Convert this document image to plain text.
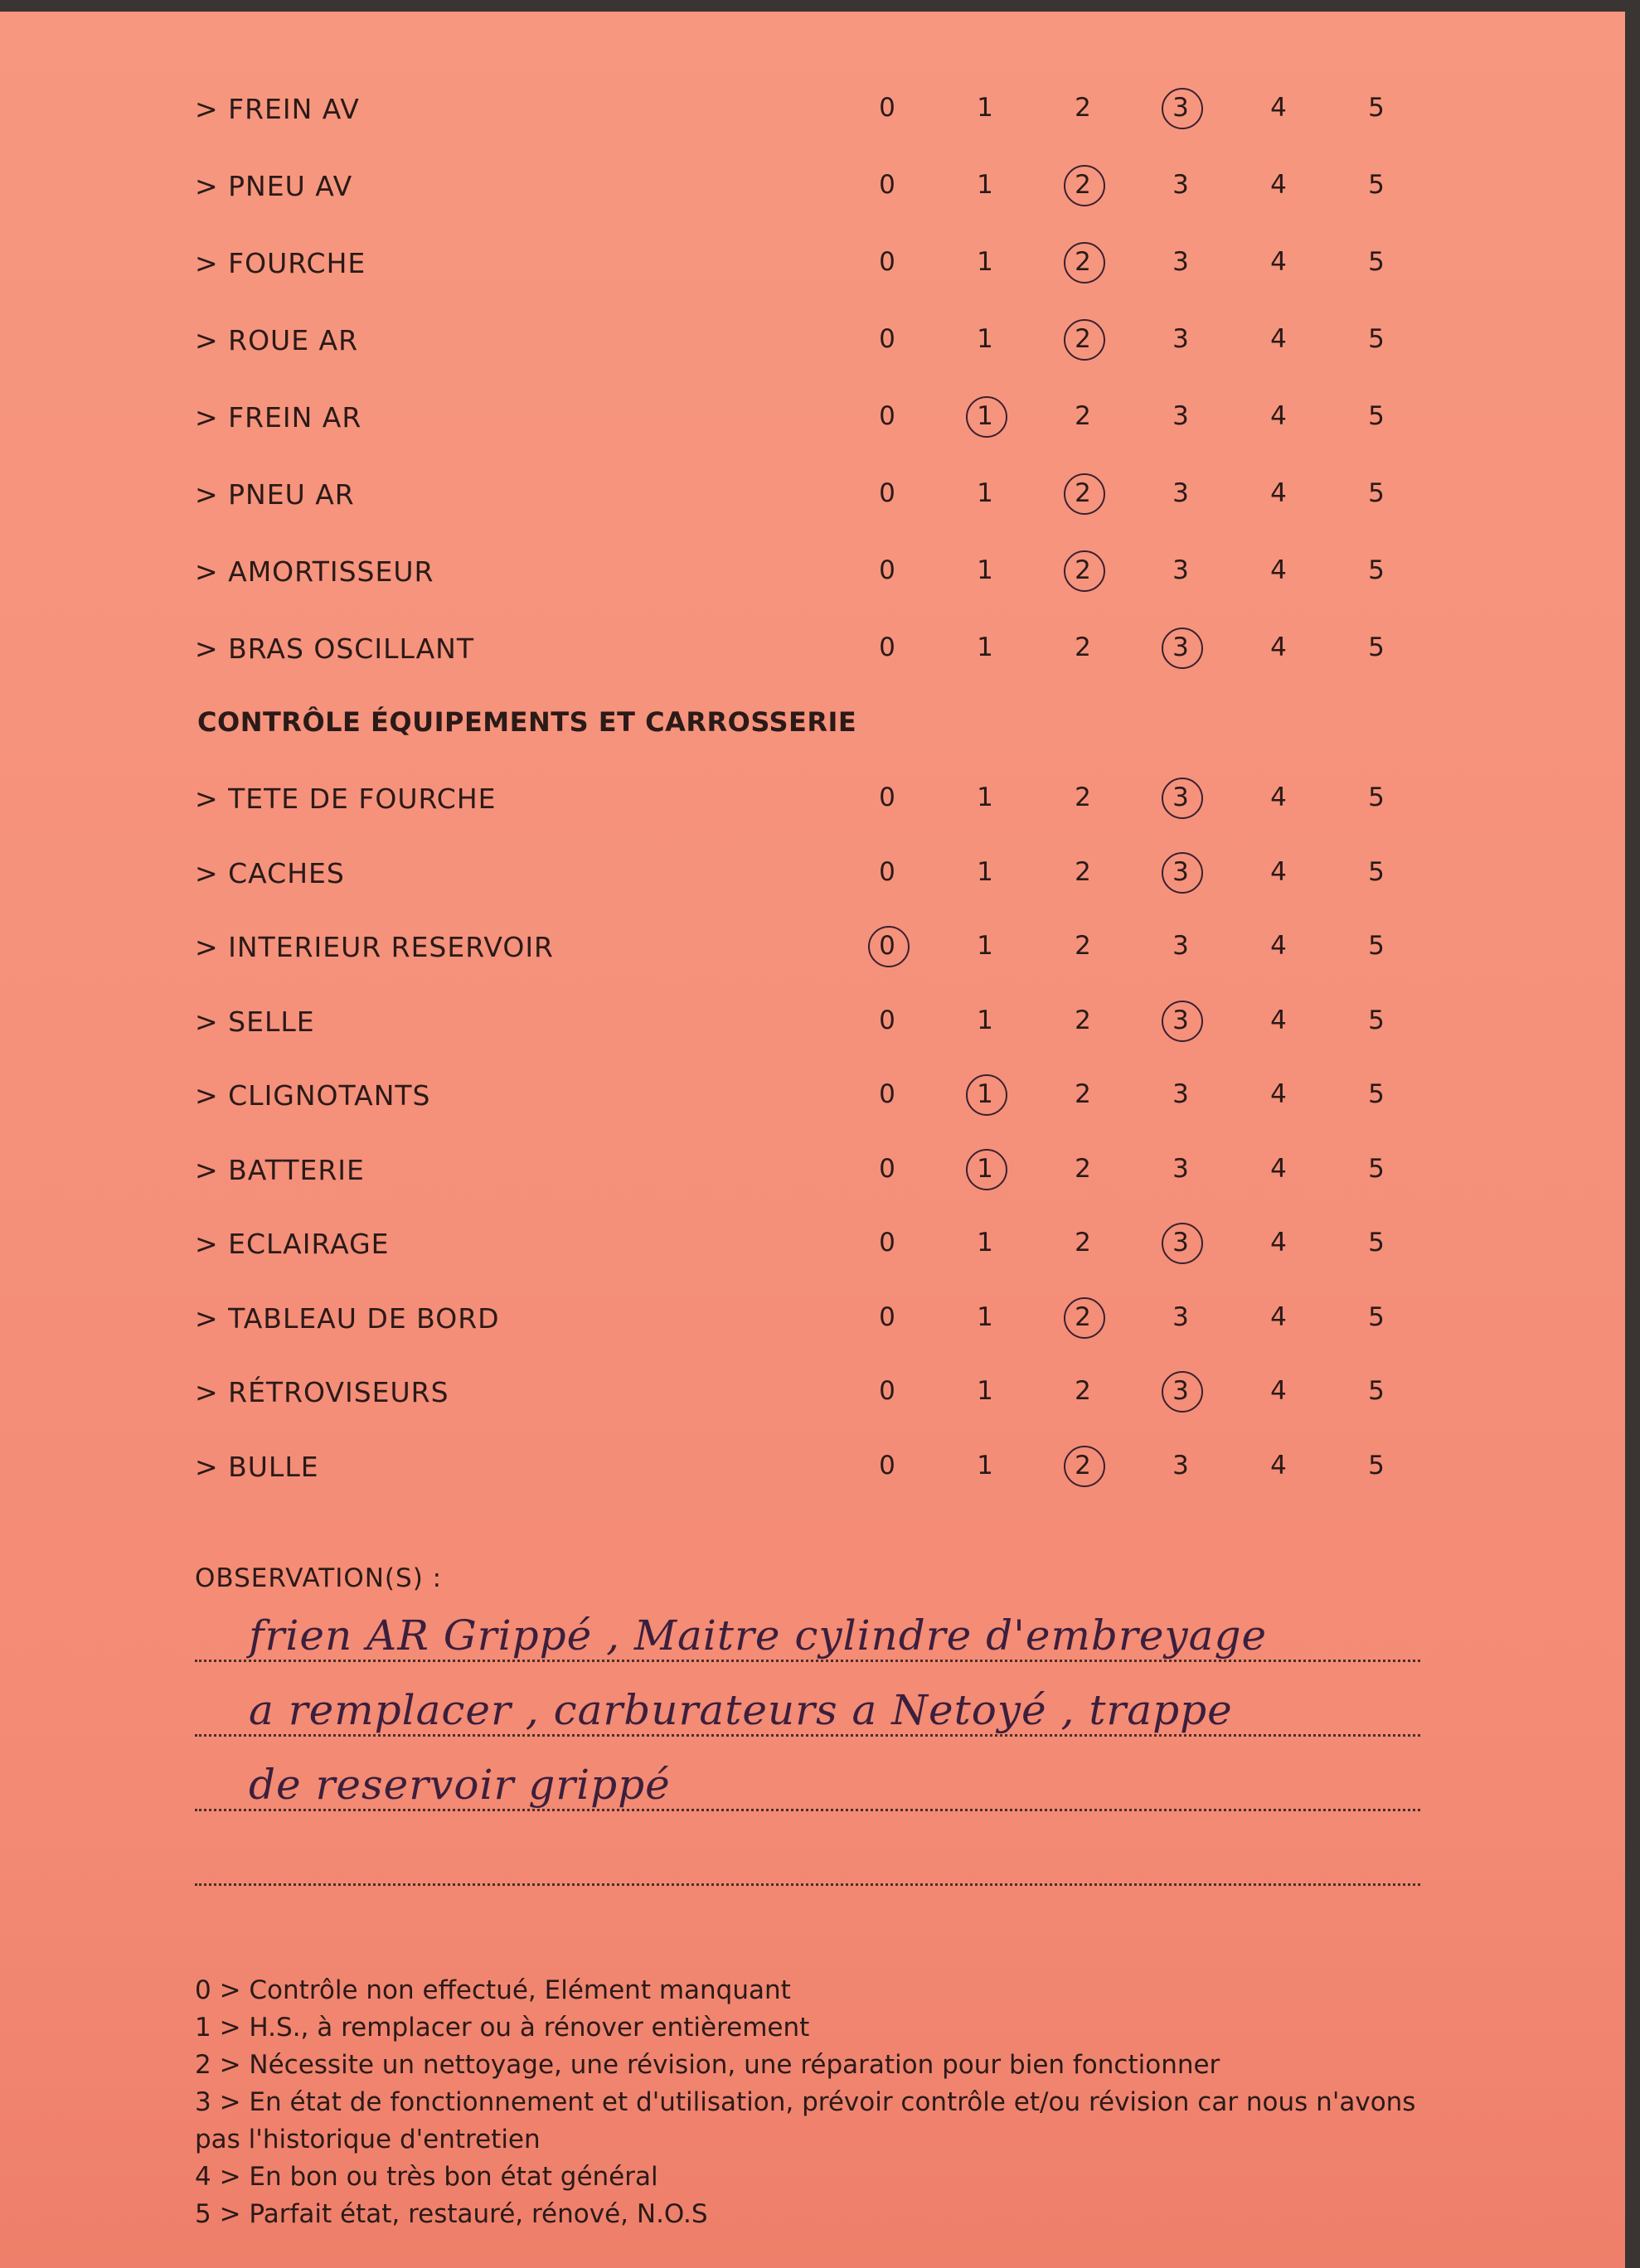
> FREIN AV	0	1	2	3	4	5
> PNEU AV	0	1	2	3	4	5
> FOURCHE	0	1	2	3	4	5
> ROUE AR	0	1	2	3	4	5
> FREIN AR	0	1	2	3	4	5
> PNEU AR	0	1	2	3	4	5
> AMORTISSEUR	0	1	2	3	4	5
> BRAS OSCILLANT	0	1	2	3	4	5
CONTRÔLE ÉQUIPEMENTS ET CARROSSERIE
> TETE DE FOURCHE	0	1	2	3	4	5
> CACHES	0	1	2	3	4	5
> INTERIEUR RESERVOIR	0	1	2	3	4	5
> SELLE	0	1	2	3	4	5
> CLIGNOTANTS	0	1	2	3	4	5
> BATTERIE	0	1	2	3	4	5
> ECLAIRAGE	0	1	2	3	4	5
> TABLEAU DE BORD	0	1	2	3	4	5
> RÉTROVISEURS	0	1	2	3	4	5
> BULLE	0	1	2	3	4	5
OBSERVATION(S) :
frien AR Grippé , Maitre cylindre d'embreyage
a remplacer , carburateurs a Netoyé , trappe
de reservoir grippé
0 > Contrôle non effectué, Elément manquant
1 > H.S., à remplacer ou à rénover entièrement
2 > Nécessite un nettoyage, une révision, une réparation pour bien fonctionner
3 > En état de fonctionnement et d'utilisation, prévoir contrôle et/ou révision car nous n'avons pas l'historique d'entretien
4 > En bon ou très bon état général
5 > Parfait état, restauré, rénové, N.O.S
